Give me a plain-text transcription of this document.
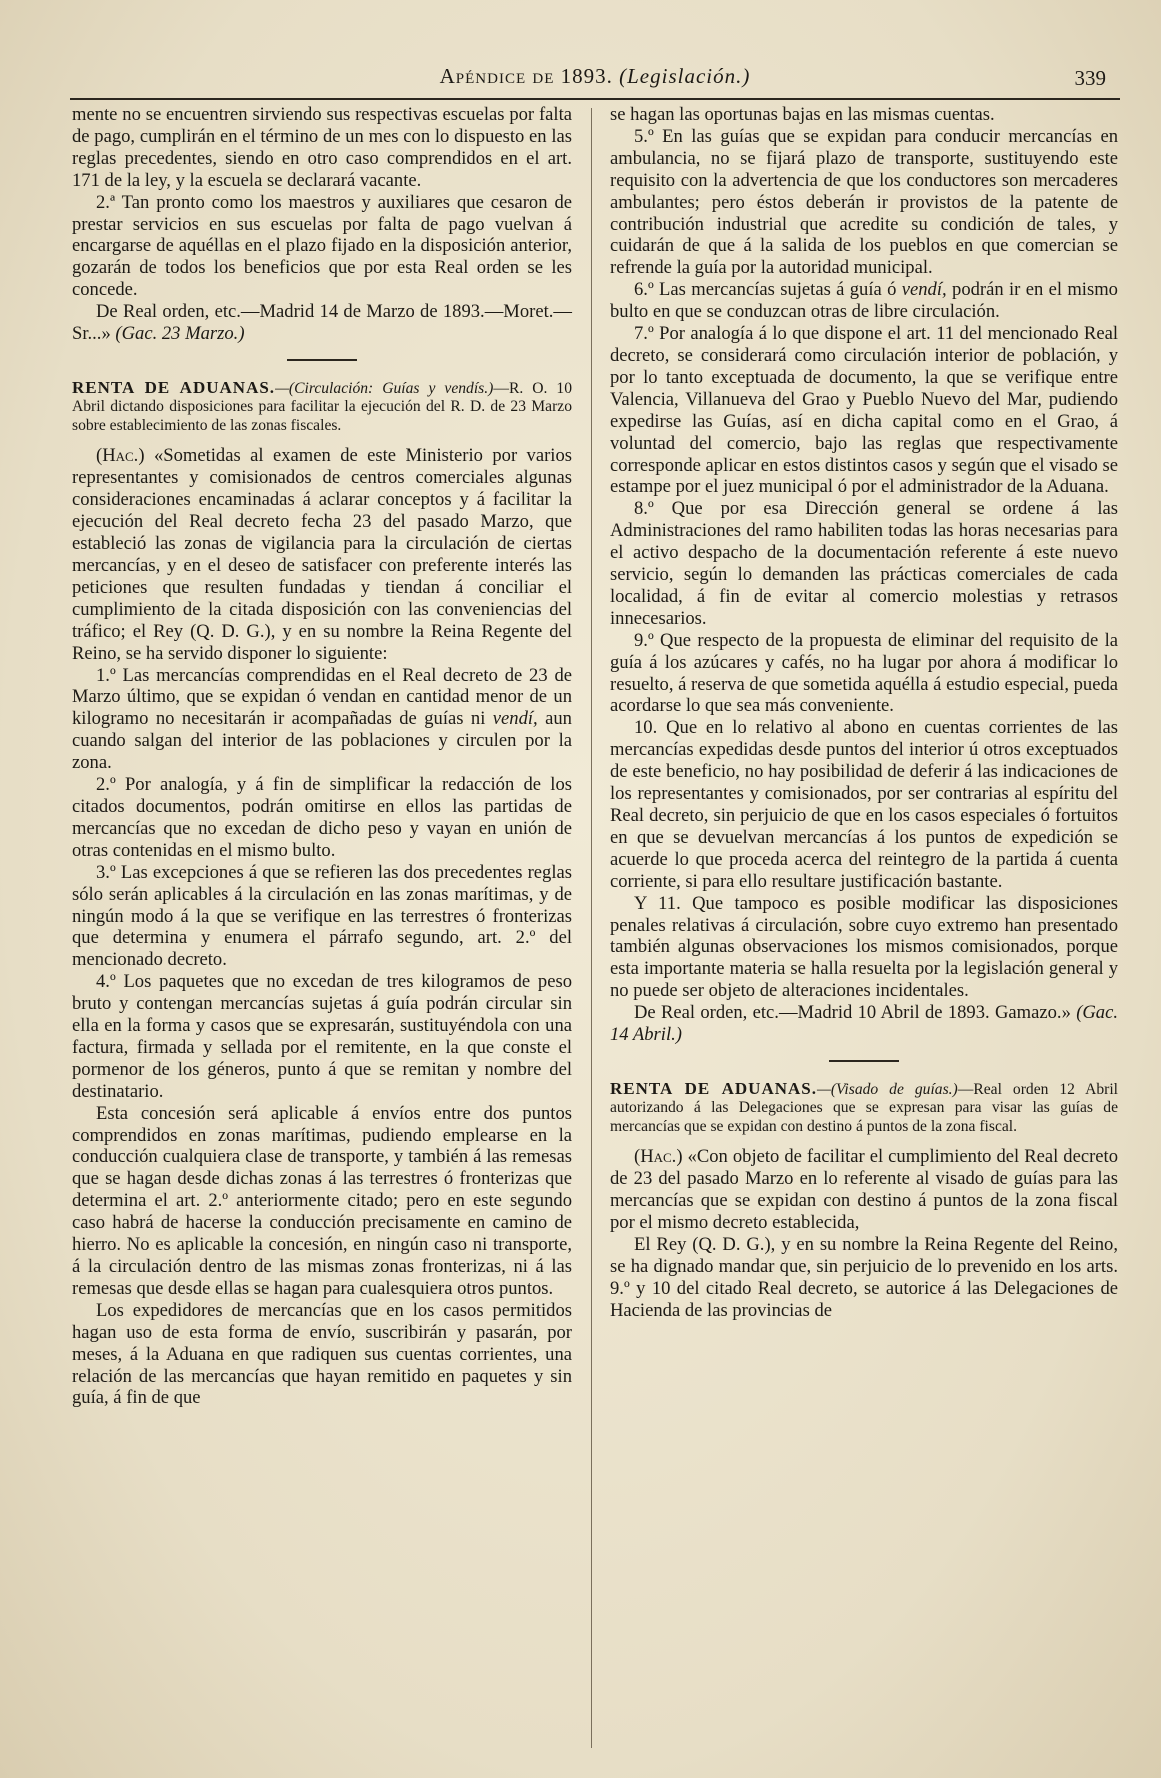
Apéndice de 1893. (Legislación.)	339

mente no se encuentren sirviendo sus respectivas escuelas por falta de pago, cumplirán en el término de un mes con lo dispuesto en las reglas precedentes, siendo en otro caso comprendidos en el art. 171 de la ley, y la escuela se declarará vacante.

2.ª Tan pronto como los maestros y auxiliares que cesaron de prestar servicios en sus escuelas por falta de pago vuelvan á encargarse de aquéllas en el plazo fijado en la disposición anterior, gozarán de todos los beneficios que por esta Real orden se les concede.

De Real orden, etc.—Madrid 14 de Marzo de 1893.—Moret.—Sr...» (Gac. 23 Marzo.)

RENTA DE ADUANAS.—(Circulación: Guías y vendís.)—R. O. 10 Abril dictando disposiciones para facilitar la ejecución del R. D. de 23 Marzo sobre establecimiento de las zonas fiscales.

(Hac.) «Sometidas al examen de este Ministerio por varios representantes y comisionados de centros comerciales algunas consideraciones encaminadas á aclarar conceptos y á facilitar la ejecución del Real decreto fecha 23 del pasado Marzo, que estableció las zonas de vigilancia para la circulación de ciertas mercancías, y en el deseo de satisfacer con preferente interés las peticiones que resulten fundadas y tiendan á conciliar el cumplimiento de la citada disposición con las conveniencias del tráfico; el Rey (Q. D. G.), y en su nombre la Reina Regente del Reino, se ha servido disponer lo siguiente:

1.º Las mercancías comprendidas en el Real decreto de 23 de Marzo último, que se expidan ó vendan en cantidad menor de un kilogramo no necesitarán ir acompañadas de guías ni vendí, aun cuando salgan del interior de las poblaciones y circulen por la zona.

2.º Por analogía, y á fin de simplificar la redacción de los citados documentos, podrán omitirse en ellos las partidas de mercancías que no excedan de dicho peso y vayan en unión de otras contenidas en el mismo bulto.

3.º Las excepciones á que se refieren las dos precedentes reglas sólo serán aplicables á la circulación en las zonas marítimas, y de ningún modo á la que se verifique en las terrestres ó fronterizas que determina y enumera el párrafo segundo, art. 2.º del mencionado decreto.

4.º Los paquetes que no excedan de tres kilogramos de peso bruto y contengan mercancías sujetas á guía podrán circular sin ella en la forma y casos que se expresarán, sustituyéndola con una factura, firmada y sellada por el remitente, en la que conste el pormenor de los géneros, punto á que se remitan y nombre del destinatario.

Esta concesión será aplicable á envíos entre dos puntos comprendidos en zonas marítimas, pudiendo emplearse en la conducción cualquiera clase de transporte, y también á las remesas que se hagan desde dichas zonas á las terrestres ó fronterizas que determina el art. 2.º anteriormente citado; pero en este segundo caso habrá de hacerse la conducción precisamente en camino de hierro. No es aplicable la concesión, en ningún caso ni transporte, á la circulación dentro de las mismas zonas fronterizas, ni á las remesas que desde ellas se hagan para cualesquiera otros puntos.

Los expedidores de mercancías que en los casos permitidos hagan uso de esta forma de envío, suscribirán y pasarán, por meses, á la Aduana en que radiquen sus cuentas corrientes, una relación de las mercancías que hayan remitido en paquetes y sin guía, á fin de que

se hagan las oportunas bajas en las mismas cuentas.

5.º En las guías que se expidan para conducir mercancías en ambulancia, no se fijará plazo de transporte, sustituyendo este requisito con la advertencia de que los conductores son mercaderes ambulantes; pero éstos deberán ir provistos de la patente de contribución industrial que acredite su condición de tales, y cuidarán de que á la salida de los pueblos en que comercian se refrende la guía por la autoridad municipal.

6.º Las mercancías sujetas á guía ó vendí, podrán ir en el mismo bulto en que se conduzcan otras de libre circulación.

7.º Por analogía á lo que dispone el art. 11 del mencionado Real decreto, se considerará como circulación interior de población, y por lo tanto exceptuada de documento, la que se verifique entre Valencia, Villanueva del Grao y Pueblo Nuevo del Mar, pudiendo expedirse las Guías, así en dicha capital como en el Grao, á voluntad del comercio, bajo las reglas que respectivamente corresponde aplicar en estos distintos casos y según que el visado se estampe por el juez municipal ó por el administrador de la Aduana.

8.º Que por esa Dirección general se ordene á las Administraciones del ramo habiliten todas las horas necesarias para el activo despacho de la documentación referente á este nuevo servicio, según lo demanden las prácticas comerciales de cada localidad, á fin de evitar al comercio molestias y retrasos innecesarios.

9.º Que respecto de la propuesta de eliminar del requisito de la guía á los azúcares y cafés, no ha lugar por ahora á modificar lo resuelto, á reserva de que sometida aquélla á estudio especial, pueda acordarse lo que sea más conveniente.

10. Que en lo relativo al abono en cuentas corrientes de las mercancías expedidas desde puntos del interior ú otros exceptuados de este beneficio, no hay posibilidad de deferir á las indicaciones de los representantes y comisionados, por ser contrarias al espíritu del Real decreto, sin perjuicio de que en los casos especiales ó fortuitos en que se devuelvan mercancías á los puntos de expedición se acuerde lo que proceda acerca del reintegro de la partida á cuenta corriente, si para ello resultare justificación bastante.

Y 11. Que tampoco es posible modificar las disposiciones penales relativas á circulación, sobre cuyo extremo han presentado también algunas observaciones los mismos comisionados, porque esta importante materia se halla resuelta por la legislación general y no puede ser objeto de alteraciones incidentales.

De Real orden, etc.—Madrid 10 Abril de 1893. Gamazo.» (Gac. 14 Abril.)

RENTA DE ADUANAS.—(Visado de guías.)—Real orden 12 Abril autorizando á las Delegaciones que se expresan para visar las guías de mercancías que se expidan con destino á puntos de la zona fiscal.

(Hac.) «Con objeto de facilitar el cumplimiento del Real decreto de 23 del pasado Marzo en lo referente al visado de guías para las mercancías que se expidan con destino á puntos de la zona fiscal por el mismo decreto establecida,

El Rey (Q. D. G.), y en su nombre la Reina Regente del Reino, se ha dignado mandar que, sin perjuicio de lo prevenido en los arts. 9.º y 10 del citado Real decreto, se autorice á las Delegaciones de Hacienda de las provincias de
